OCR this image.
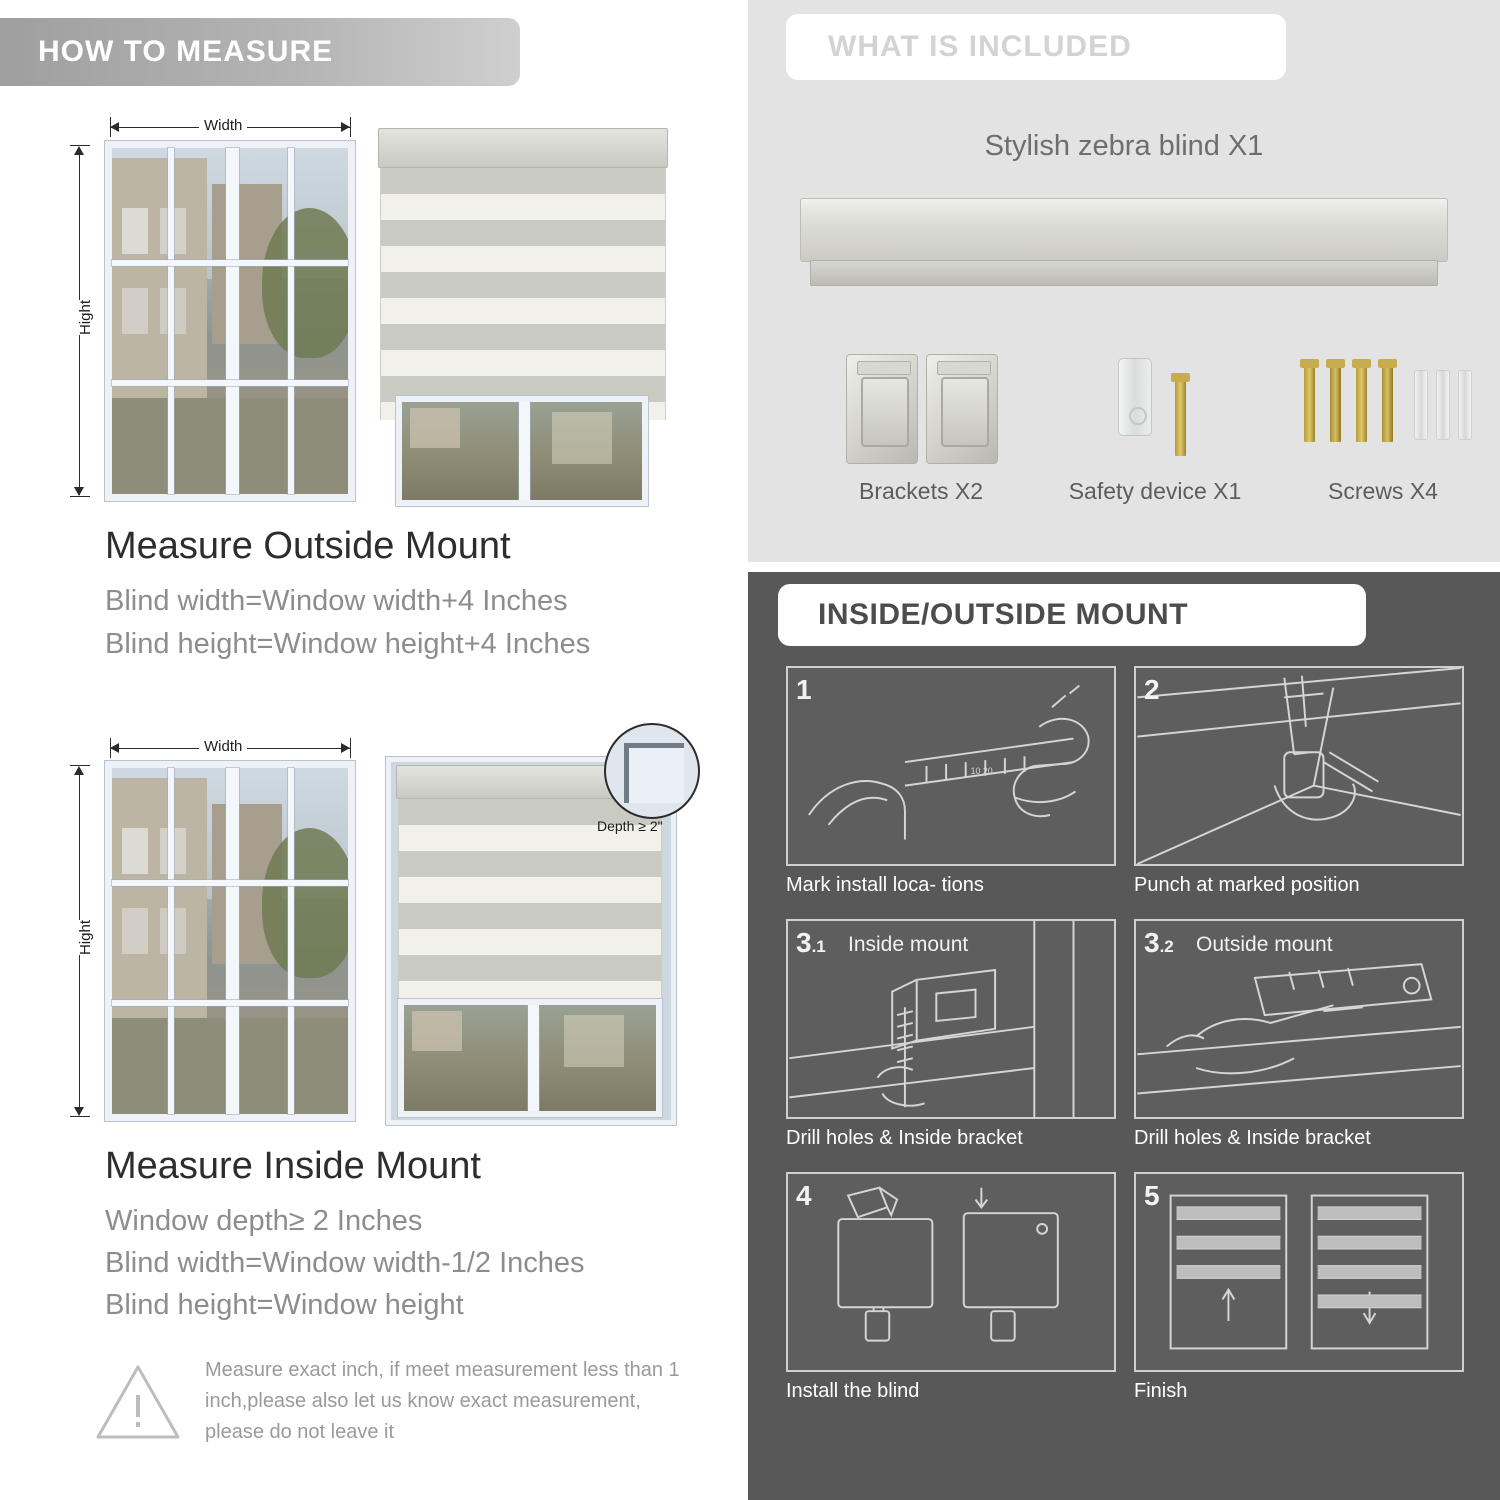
HOW TO MEASURE
Width
Hight
Measure Outside Mount
Blind width=Window width+4 Inches
Blind height=Window height+4 Inches
Width
Hight
Depth ≥ 2"
Measure Inside Mount
Window depth≥ 2 Inches
Blind width=Window width-1/2 Inches
Blind height=Window height
Measure exact inch, if meet measurement less than 1 inch,please also let us know exact measurement, please do not leave it
WHAT IS INCLUDED
Stylish zebra blind X1
Brackets X2	Safety device X1	Screws X4
INSIDE/OUTSIDE MOUNT
10 20
1
Mark install loca- tions
2
Punch at marked position
3.1 Inside mount
Drill holes & Inside bracket
3.2 Outside mount
Drill holes & Inside bracket
4
Install the blind
5
Finish
